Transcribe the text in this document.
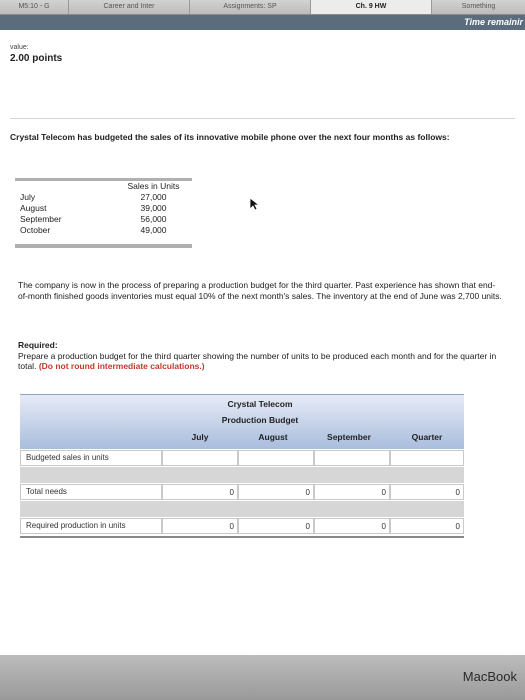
M5:10 - G	Career and Inter	Assignments: SP	Ch. 9 HW	Something
Time remainir
value:
2.00 points
Crystal Telecom has budgeted the sales of its innovative mobile phone over the next four months as follows:
Sales in Units
July	27,000
August	39,000
September	56,000
October	49,000
The company is now in the process of preparing a production budget for the third quarter. Past experience has shown that end-of-month finished goods inventories must equal 10% of the next month's sales. The inventory at the end of June was 2,700 units.
Required:
Prepare a production budget for the third quarter showing the number of units to be produced each month and for the quarter in total. (Do not round intermediate calculations.)
Crystal Telecom
Production Budget
July	August	September	Quarter
Budgeted sales in units
Total needs	0	0	0	0
Required production in units	0	0	0	0
MacBook
